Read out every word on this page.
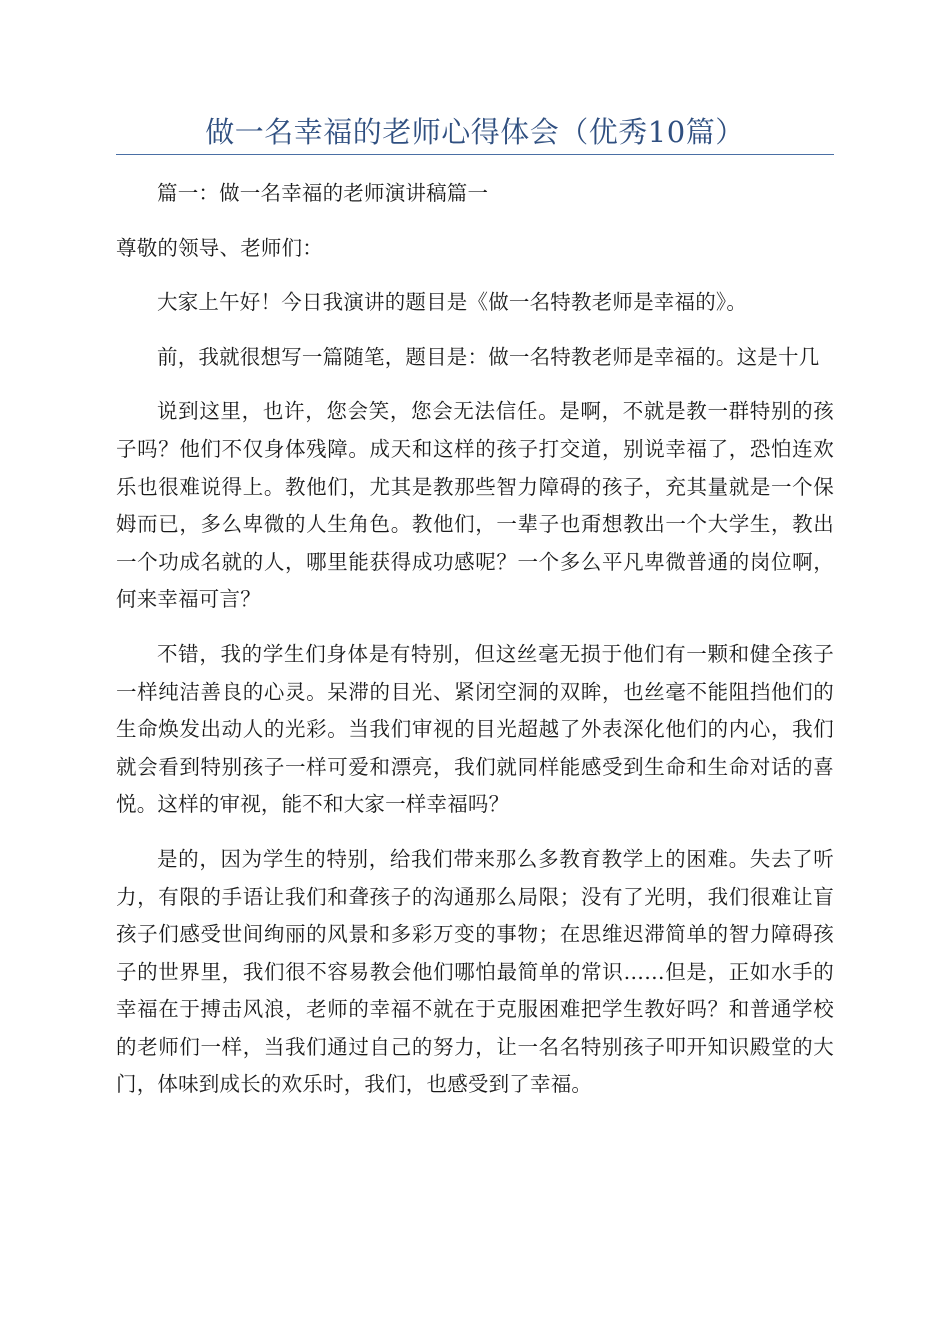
做一名幸福的老师心得体会（优秀10篇）

篇一：做一名幸福的老师演讲稿篇一

尊敬的领导、老师们：

大家上午好！今日我演讲的题目是《做一名特教老师是幸福的》。

前，我就很想写一篇随笔，题目是：做一名特教老师是幸福的。这是十几

说到这里，也许，您会笑，您会无法信任。是啊，不就是教一群特别的孩子吗？他们不仅身体残障。成天和这样的孩子打交道，别说幸福了，恐怕连欢乐也很难说得上。教他们，尤其是教那些智力障碍的孩子，充其量就是一个保姆而已，多么卑微的人生角色。教他们，一辈子也甭想教出一个大学生，教出一个功成名就的人，哪里能获得成功感呢？一个多么平凡卑微普通的岗位啊，何来幸福可言？

不错，我的学生们身体是有特别，但这丝毫无损于他们有一颗和健全孩子一样纯洁善良的心灵。呆滞的目光、紧闭空洞的双眸，也丝毫不能阻挡他们的生命焕发出动人的光彩。当我们审视的目光超越了外表深化他们的内心，我们就会看到特别孩子一样可爱和漂亮，我们就同样能感受到生命和生命对话的喜悦。这样的审视，能不和大家一样幸福吗？

是的，因为学生的特别，给我们带来那么多教育教学上的困难。失去了听力，有限的手语让我们和聋孩子的沟通那么局限；没有了光明，我们很难让盲孩子们感受世间绚丽的风景和多彩万变的事物；在思维迟滞简单的智力障碍孩子的世界里，我们很不容易教会他们哪怕最简单的常识……但是，正如水手的幸福在于搏击风浪，老师的幸福不就在于克服困难把学生教好吗？和普通学校的老师们一样，当我们通过自己的努力，让一名名特别孩子叩开知识殿堂的大门，体味到成长的欢乐时，我们，也感受到了幸福。
